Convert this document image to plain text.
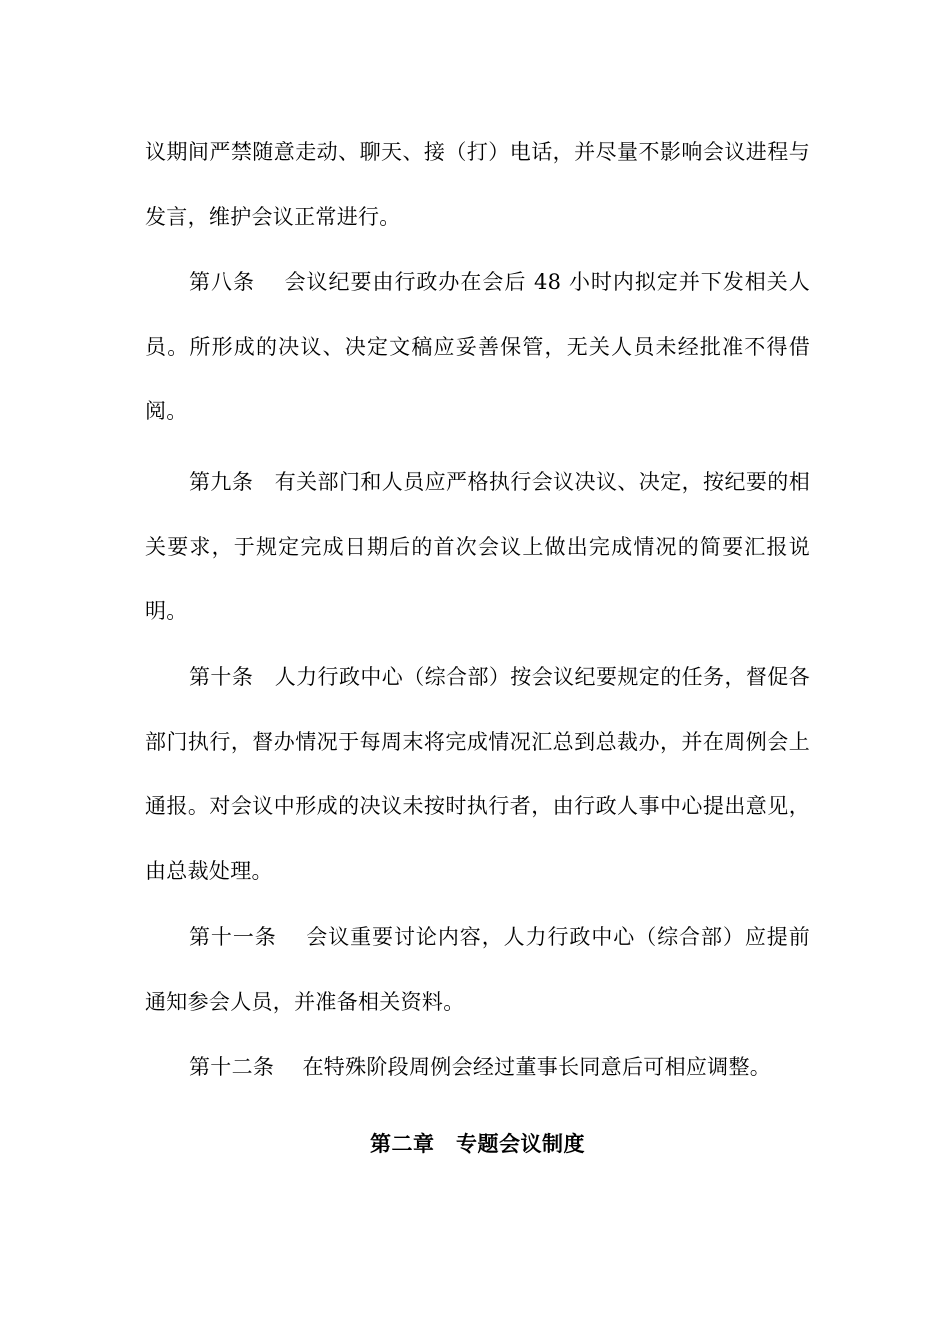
议期间严禁随意走动、聊天、接（打）电话，并尽量不影响会议进程与发言，维护会议正常进行。

第八条　 会议纪要由行政办在会后 48 小时内拟定并下发相关人员。所形成的决议、决定文稿应妥善保管，无关人员未经批准不得借阅。

第九条　 有关部门和人员应严格执行会议决议、决定，按纪要的相关要求，于规定完成日期后的首次会议上做出完成情况的简要汇报说明。

第十条　 人力行政中心（综合部）按会议纪要规定的任务，督促各部门执行，督办情况于每周末将完成情况汇总到总裁办，并在周例会上通报。对会议中形成的决议未按时执行者，由行政人事中心提出意见，由总裁处理。

第十一条　 会议重要讨论内容，人力行政中心（综合部）应提前通知参会人员，并准备相关资料。

第十二条　 在特殊阶段周例会经过董事长同意后可相应调整。

第二章　专题会议制度
